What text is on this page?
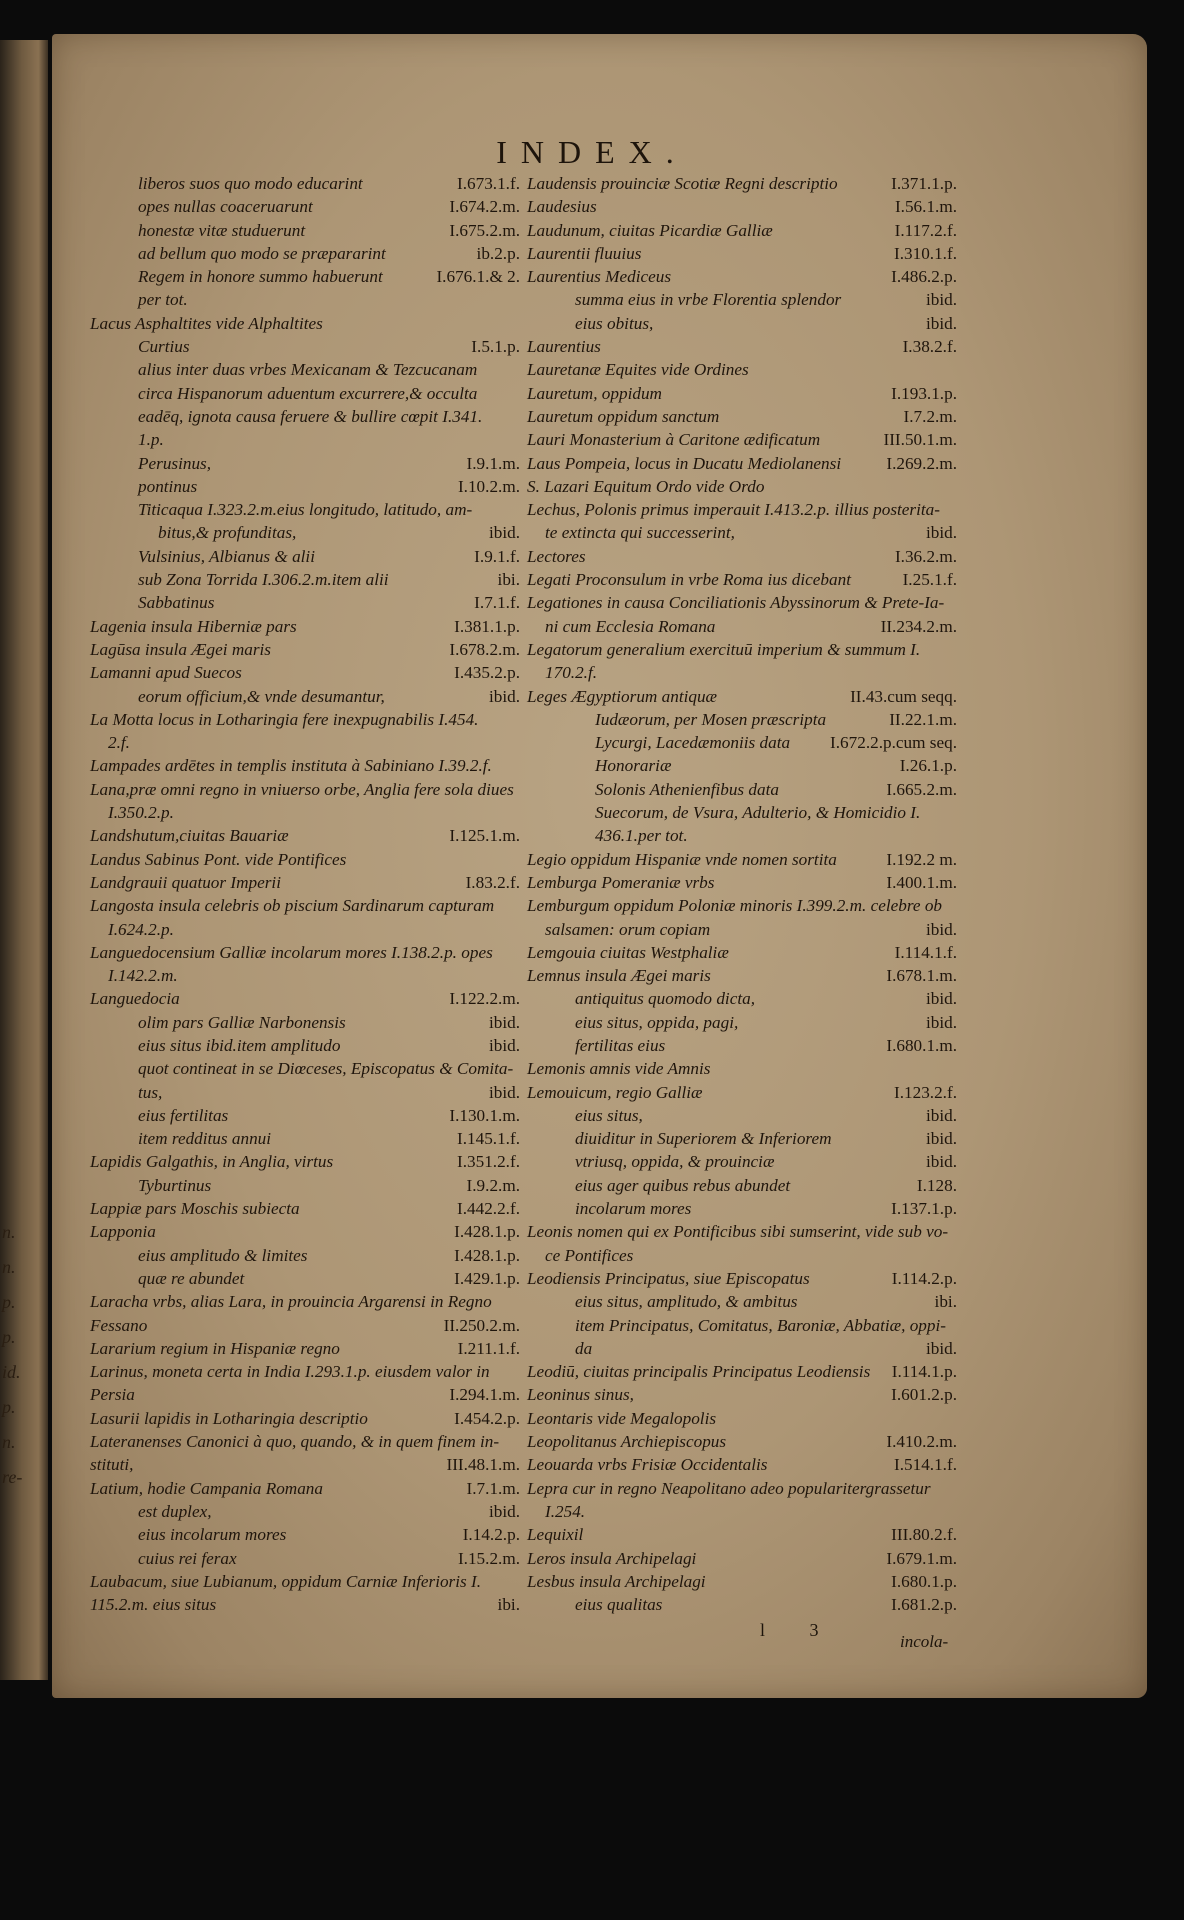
n.
n.
p.
p.
id.
p.
n.
re-
INDEX.
liberos suos quo modo educarint	I.673.1.f.
opes nullas coaceruarunt	I.674.2.m.
honestæ vitæ studuerunt	I.675.2.m.
ad bellum quo modo se præpararint	ib.2.p.
Regem in honore summo habuerunt	I.676.1.& 2.
per tot.
Lacus Asphaltites vide Alphaltites
Curtius	I.5.1.p.
alius inter duas vrbes Mexicanam & Tezcucanam
circa Hispanorum aduentum excurrere,& occulta
eadēq, ignota causa feruere & bullire cœpit I.341.
1.p.
Perusinus,	I.9.1.m.
pontinus	I.10.2.m.
Titicaqua I.323.2.m.eius longitudo, latitudo, am-
bitus,& profunditas,	ibid.
Vulsinius, Albianus & alii	I.9.1.f.
sub Zona Torrida I.306.2.m.item alii	ibi.
Sabbatinus	I.7.1.f.
Lagenia insula Hiberniæ pars	I.381.1.p.
Lagūsa insula Ægei maris	I.678.2.m.
Lamanni apud Suecos	I.435.2.p.
eorum officium,& vnde desumantur,	ibid.
La Motta locus in Lotharingia fere inexpugnabilis I.454.
2.f.
Lampades ardētes in templis instituta à Sabiniano I.39.2.f.
Lana,præ omni regno in vniuerso orbe, Anglia fere sola diues
I.350.2.p.
Landshutum,ciuitas Bauariæ	I.125.1.m.
Landus Sabinus Pont. vide Pontifices
Landgrauii quatuor Imperii	I.83.2.f.
Langosta insula celebris ob piscium Sardinarum capturam
I.624.2.p.
Languedocensium Galliæ incolarum mores I.138.2.p. opes
I.142.2.m.
Languedocia	I.122.2.m.
olim pars Galliæ Narbonensis	ibid.
eius situs ibid.item amplitudo	ibid.
quot contineat in se Diœceses, Episcopatus & Comita-
tus,	ibid.
eius fertilitas	I.130.1.m.
item redditus annui	I.145.1.f.
Lapidis Galgathis, in Anglia, virtus	I.351.2.f.
Tyburtinus	I.9.2.m.
Lappiæ pars Moschis subiecta	I.442.2.f.
Lapponia	I.428.1.p.
eius amplitudo & limites	I.428.1.p.
quæ re abundet	I.429.1.p.
Laracha vrbs, alias Lara, in prouincia Argarensi in Regno
Fessano	II.250.2.m.
Lararium regium in Hispaniæ regno	I.211.1.f.
Larinus, moneta certa in India I.293.1.p. eiusdem valor in
Persia	I.294.1.m.
Lasurii lapidis in Lotharingia descriptio	I.454.2.p.
Lateranenses Canonici à quo, quando, & in quem finem in-
stituti,	III.48.1.m.
Latium, hodie Campania Romana	I.7.1.m.
est duplex,	ibid.
eius incolarum mores	I.14.2.p.
cuius rei ferax	I.15.2.m.
Laubacum, siue Lubianum, oppidum Carniæ Inferioris I.
115.2.m. eius situs	ibi.
Laudensis prouinciæ Scotiæ Regni descriptio	I.371.1.p.
Laudesius	I.56.1.m.
Laudunum, ciuitas Picardiæ Galliæ	I.117.2.f.
Laurentii fluuius	I.310.1.f.
Laurentius Mediceus	I.486.2.p.
summa eius in vrbe Florentia splendor	ibid.
eius obitus,	ibid.
Laurentius	I.38.2.f.
Lauretanæ Equites vide Ordines
Lauretum, oppidum	I.193.1.p.
Lauretum oppidum sanctum	I.7.2.m.
Lauri Monasterium à Caritone ædificatum	III.50.1.m.
Laus Pompeia, locus in Ducatu Mediolanensi	I.269.2.m.
S. Lazari Equitum Ordo vide Ordo
Lechus, Polonis primus imperauit I.413.2.p. illius posterita-
te extincta qui successerint,	ibid.
Lectores	I.36.2.m.
Legati Proconsulum in vrbe Roma ius dicebant	I.25.1.f.
Legationes in causa Conciliationis Abyssinorum & Prete-Ia-
ni cum Ecclesia Romana	II.234.2.m.
Legatorum generalium exercituū imperium & summum I.
170.2.f.
Leges Ægyptiorum antiquæ	II.43.cum seqq.
Iudæorum, per Mosen præscripta	II.22.1.m.
Lycurgi, Lacedæmoniis data I.672.2.p.cum seq.
Honorariæ	I.26.1.p.
Solonis Athenienfibus data	I.665.2.m.
Suecorum, de Vsura, Adulterio, & Homicidio I.
436.1.per tot.
Legio oppidum Hispaniæ vnde nomen sortita	I.192.2 m.
Lemburga Pomeraniæ vrbs	I.400.1.m.
Lemburgum oppidum Poloniæ minoris I.399.2.m. celebre ob
salsamen: orum copiam	ibid.
Lemgouia ciuitas Westphaliæ	I.114.1.f.
Lemnus insula Ægei maris	I.678.1.m.
antiquitus quomodo dicta,	ibid.
eius situs, oppida, pagi,	ibid.
fertilitas eius	I.680.1.m.
Lemonis amnis vide Amnis
Lemouicum, regio Galliæ	I.123.2.f.
eius situs,	ibid.
diuiditur in Superiorem & Inferiorem	ibid.
vtriusq, oppida, & prouinciæ	ibid.
eius ager quibus rebus abundet	I.128.
incolarum mores	I.137.1.p.
Leonis nomen qui ex Pontificibus sibi sumserint, vide sub vo-
ce Pontifices
Leodiensis Principatus, siue Episcopatus	I.114.2.p.
eius situs, amplitudo, & ambitus	ibi.
item Principatus, Comitatus, Baroniæ, Abbatiæ, oppi-
da	ibid.
Leodiū, ciuitas principalis Principatus Leodiensis I.114.1.p.
Leoninus sinus,	I.601.2.p.
Leontaris vide Megalopolis
Leopolitanus Archiepiscopus	I.410.2.m.
Leouarda vrbs Frisiæ Occidentalis	I.514.1.f.
Lepra cur in regno Neapolitano adeo popularitergrassetur
I.254.
Lequixil	III.80.2.f.
Leros insula Archipelagi	I.679.1.m.
Lesbus insula Archipelagi	I.680.1.p.
eius qualitas	I.681.2.p.
l 3
incola-
